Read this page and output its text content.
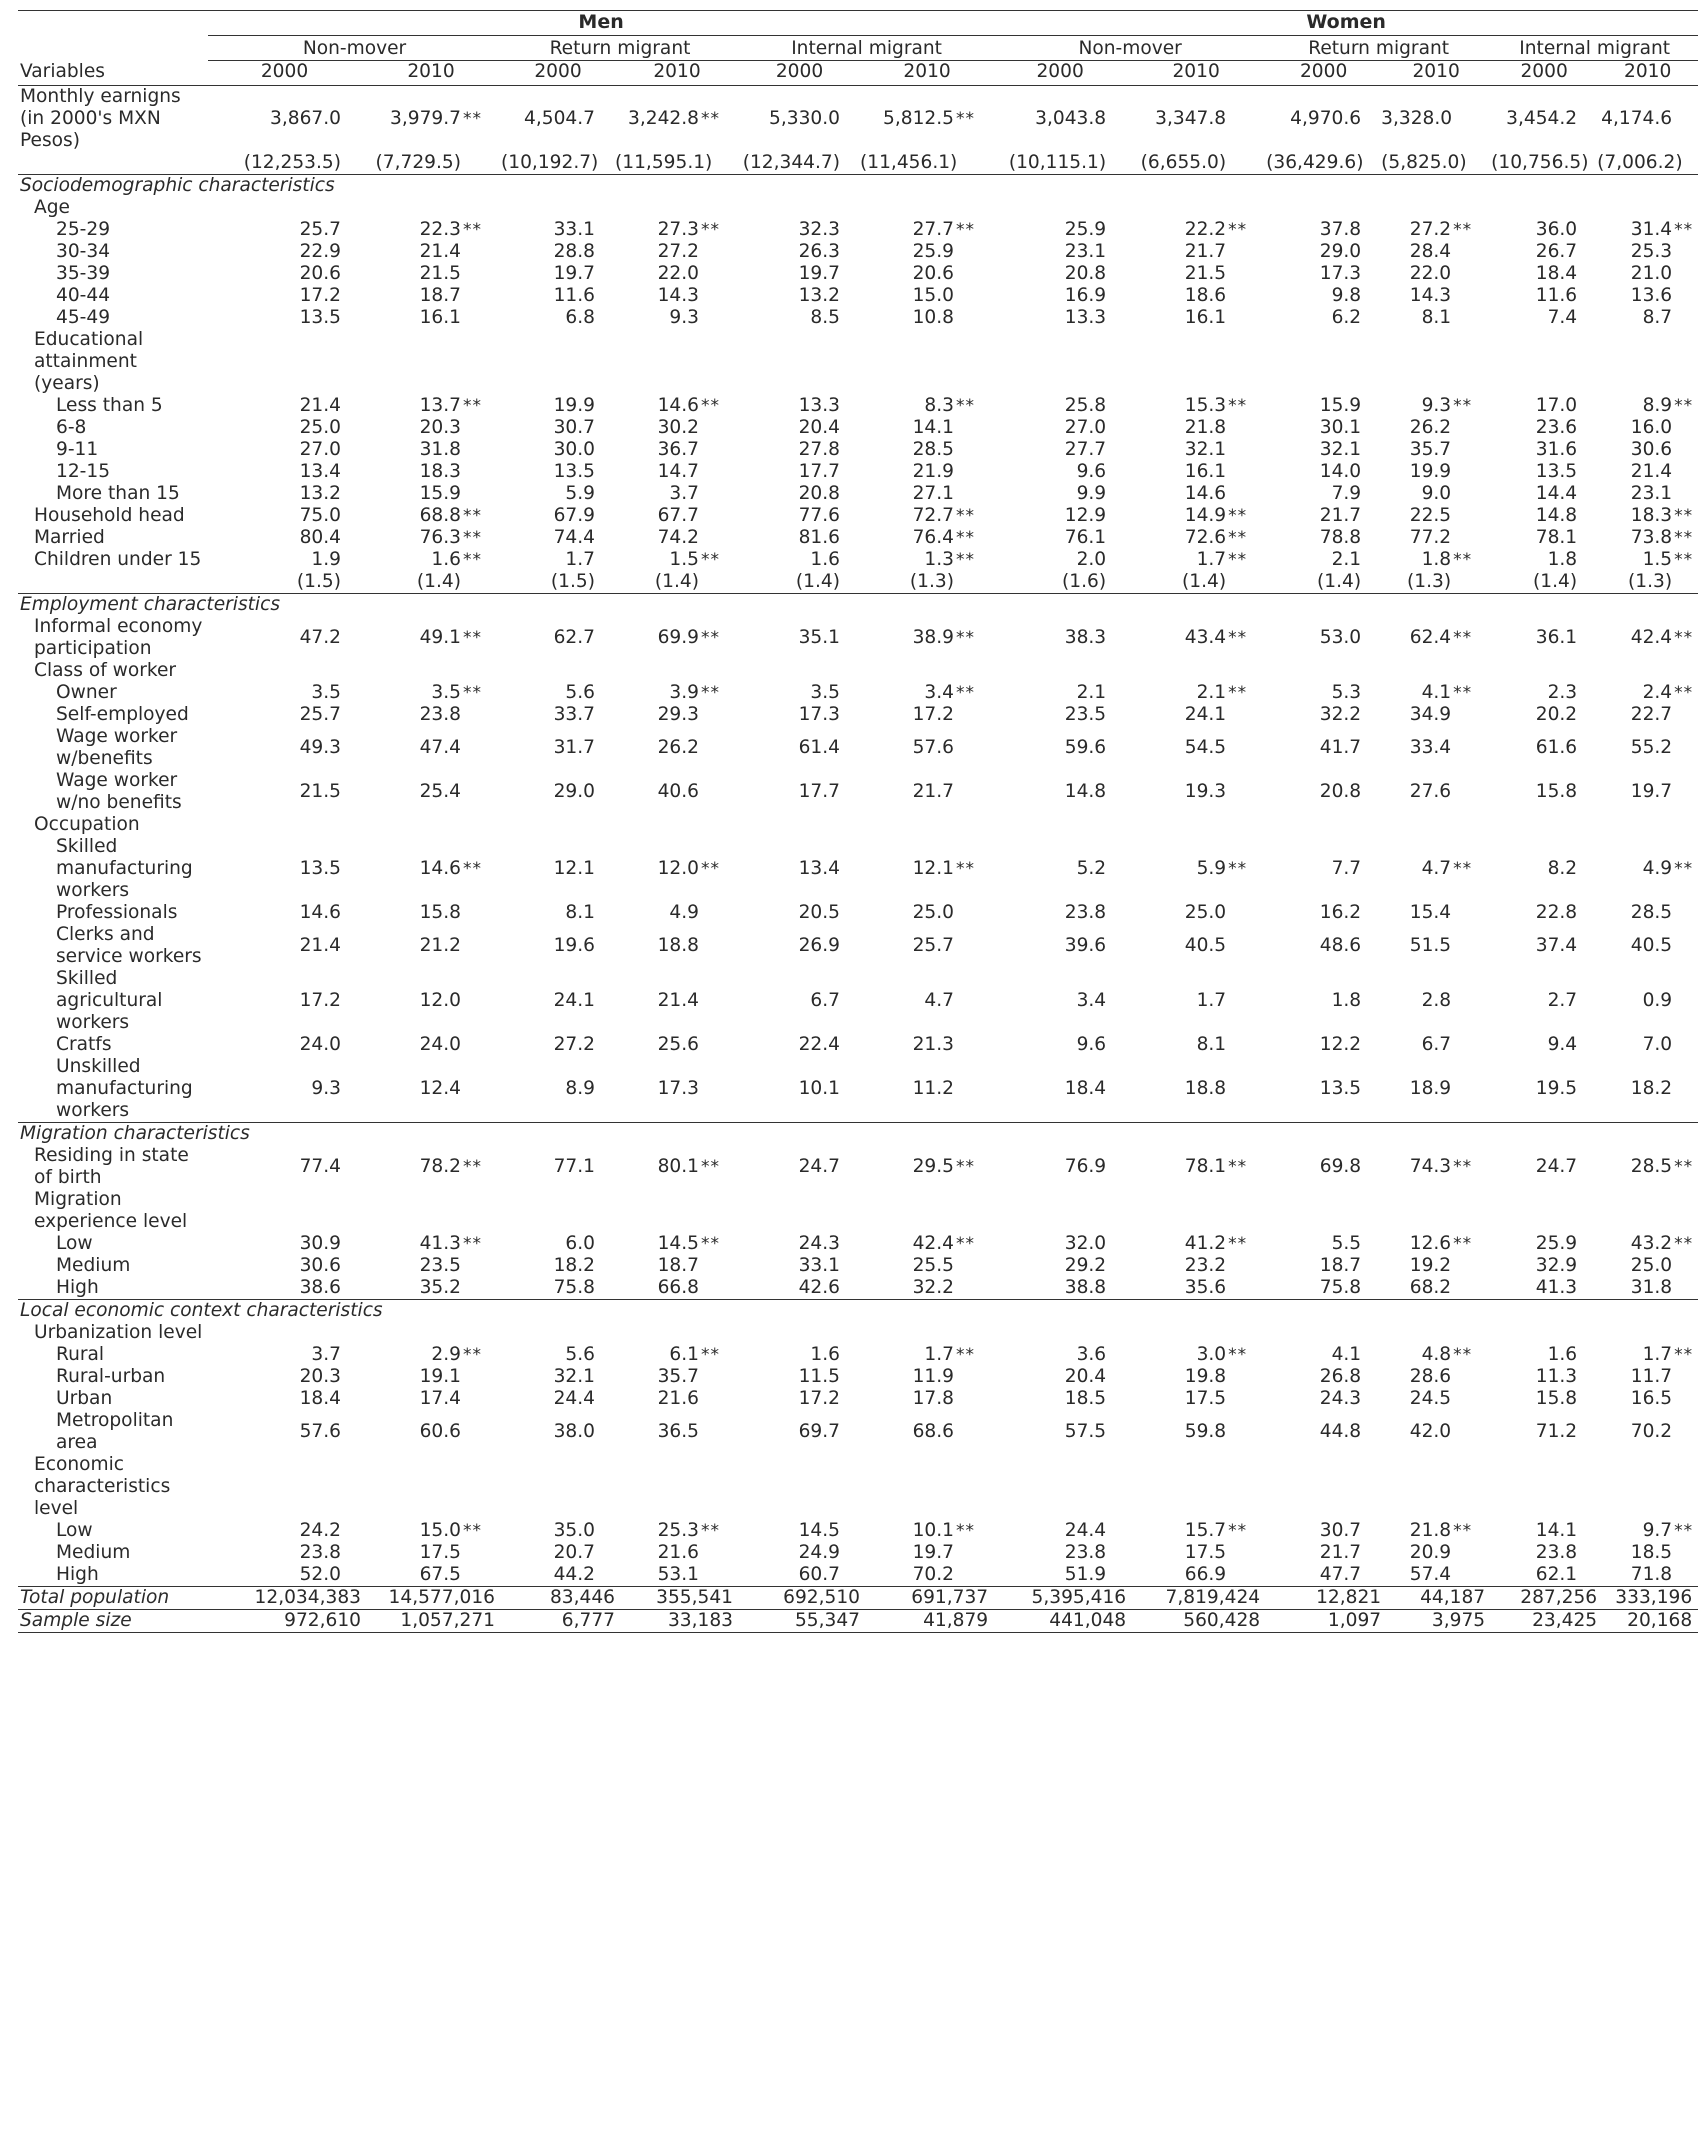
	Men												Women											
	Non-mover				Return migrant				Internal migrant				Non-mover				Return migrant				Internal migrant			
Variables	2000		2010		2000		2010		2000		2010		2000		2010		2000		2010		2000		2010	
Monthly earnigns (in 2000's MXN Pesos)	3,867.0		3,979.7	**	4,504.7		3,242.8	**	5,330.0		5,812.5	**	3,043.8		3,347.8		4,970.6		3,328.0		3,454.2		4,174.6	
	(12,253.5)		(7,729.5)		(10,192.7)		(11,595.1)		(12,344.7)		(11,456.1)		(10,115.1)		(6,655.0)		(36,429.6)		(5,825.0)		(10,756.5)		(7,006.2)	
Sociodemographic characteristics																								
Age																								
25-29	25.7		22.3	**	33.1		27.3	**	32.3		27.7	**	25.9		22.2	**	37.8		27.2	**	36.0		31.4	**
30-34	22.9		21.4		28.8		27.2		26.3		25.9		23.1		21.7		29.0		28.4		26.7		25.3	
35-39	20.6		21.5		19.7		22.0		19.7		20.6		20.8		21.5		17.3		22.0		18.4		21.0	
40-44	17.2		18.7		11.6		14.3		13.2		15.0		16.9		18.6		9.8		14.3		11.6		13.6	
45-49	13.5		16.1		6.8		9.3		8.5		10.8		13.3		16.1		6.2		8.1		7.4		8.7	
Educational attainment (years)																								
Less than 5	21.4		13.7	**	19.9		14.6	**	13.3		8.3	**	25.8		15.3	**	15.9		9.3	**	17.0		8.9	**
6-8	25.0		20.3		30.7		30.2		20.4		14.1		27.0		21.8		30.1		26.2		23.6		16.0	
9-11	27.0		31.8		30.0		36.7		27.8		28.5		27.7		32.1		32.1		35.7		31.6		30.6	
12-15	13.4		18.3		13.5		14.7		17.7		21.9		9.6		16.1		14.0		19.9		13.5		21.4	
More than 15	13.2		15.9		5.9		3.7		20.8		27.1		9.9		14.6		7.9		9.0		14.4		23.1	
Household head	75.0		68.8	**	67.9		67.7		77.6		72.7	**	12.9		14.9	**	21.7		22.5		14.8		18.3	**
Married	80.4		76.3	**	74.4		74.2		81.6		76.4	**	76.1		72.6	**	78.8		77.2		78.1		73.8	**
Children under 15	1.9		1.6	**	1.7		1.5	**	1.6		1.3	**	2.0		1.7	**	2.1		1.8	**	1.8		1.5	**
	(1.5)		(1.4)		(1.5)		(1.4)		(1.4)		(1.3)		(1.6)		(1.4)		(1.4)		(1.3)		(1.4)		(1.3)	
Employment characteristics																								
Informal economy participation	47.2		49.1	**	62.7		69.9	**	35.1		38.9	**	38.3		43.4	**	53.0		62.4	**	36.1		42.4	**
Class of worker																								
Owner	3.5		3.5	**	5.6		3.9	**	3.5		3.4	**	2.1		2.1	**	5.3		4.1	**	2.3		2.4	**
Self-employed	25.7		23.8		33.7		29.3		17.3		17.2		23.5		24.1		32.2		34.9		20.2		22.7	
Wage worker w/benefits	49.3		47.4		31.7		26.2		61.4		57.6		59.6		54.5		41.7		33.4		61.6		55.2	
Wage worker w/no benefits	21.5		25.4		29.0		40.6		17.7		21.7		14.8		19.3		20.8		27.6		15.8		19.7	
Occupation																								
Skilled manufacturing workers	13.5		14.6	**	12.1		12.0	**	13.4		12.1	**	5.2		5.9	**	7.7		4.7	**	8.2		4.9	**
Professionals	14.6		15.8		8.1		4.9		20.5		25.0		23.8		25.0		16.2		15.4		22.8		28.5	
Clerks and service workers	21.4		21.2		19.6		18.8		26.9		25.7		39.6		40.5		48.6		51.5		37.4		40.5	
Skilled agricultural workers	17.2		12.0		24.1		21.4		6.7		4.7		3.4		1.7		1.8		2.8		2.7		0.9	
Cratfs	24.0		24.0		27.2		25.6		22.4		21.3		9.6		8.1		12.2		6.7		9.4		7.0	
Unskilled manufacturing workers	9.3		12.4		8.9		17.3		10.1		11.2		18.4		18.8		13.5		18.9		19.5		18.2	
Migration characteristics																								
Residing in state of birth	77.4		78.2	**	77.1		80.1	**	24.7		29.5	**	76.9		78.1	**	69.8		74.3	**	24.7		28.5	**
Migration experience level																								
Low	30.9		41.3	**	6.0		14.5	**	24.3		42.4	**	32.0		41.2	**	5.5		12.6	**	25.9		43.2	**
Medium	30.6		23.5		18.2		18.7		33.1		25.5		29.2		23.2		18.7		19.2		32.9		25.0	
High	38.6		35.2		75.8		66.8		42.6		32.2		38.8		35.6		75.8		68.2		41.3		31.8	
Local economic context characteristics																								
Urbanization level																								
Rural	3.7		2.9	**	5.6		6.1	**	1.6		1.7	**	3.6		3.0	**	4.1		4.8	**	1.6		1.7	**
Rural-urban	20.3		19.1		32.1		35.7		11.5		11.9		20.4		19.8		26.8		28.6		11.3		11.7	
Urban	18.4		17.4		24.4		21.6		17.2		17.8		18.5		17.5		24.3		24.5		15.8		16.5	
Metropolitan area	57.6		60.6		38.0		36.5		69.7		68.6		57.5		59.8		44.8		42.0		71.2		70.2	
Economic characteristics level																								
Low	24.2		15.0	**	35.0		25.3	**	14.5		10.1	**	24.4		15.7	**	30.7		21.8	**	14.1		9.7	**
Medium	23.8		17.5		20.7		21.6		24.9		19.7		23.8		17.5		21.7		20.9		23.8		18.5	
High	52.0		67.5		44.2		53.1		60.7		70.2		51.9		66.9		47.7		57.4		62.1		71.8	
Total population	12,034,383		14,577,016		83,446		355,541		692,510		691,737		5,395,416		7,819,424		12,821		44,187		287,256		333,196	
Sample size	972,610		1,057,271		6,777		33,183		55,347		41,879		441,048		560,428		1,097		3,975		23,425		20,168	
